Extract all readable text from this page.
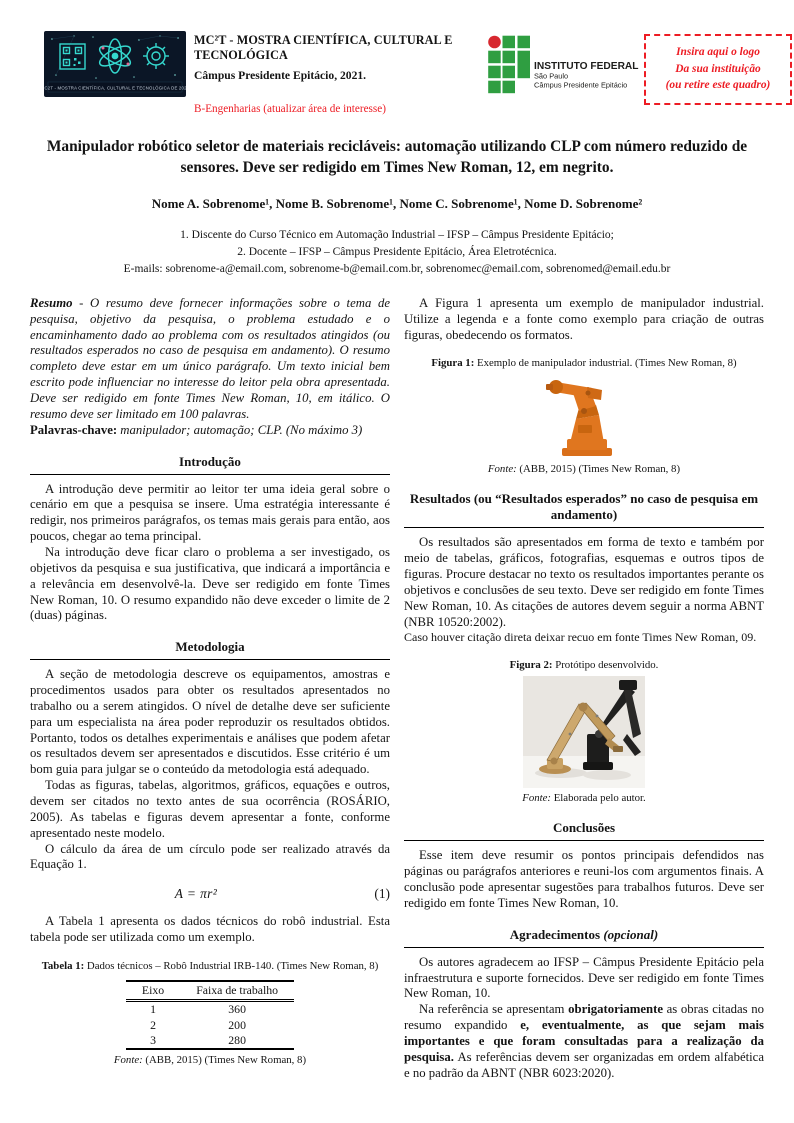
MC2T - MOSTRA CIENTÍFICA, CULTURAL E TECNOLÓGICA DE 2021
MC²T - MOSTRA CIENTÍFICA, CULTURAL E TECNOLÓGICA
Câmpus Presidente Epitácio, 2021.
B-Engenharias (atualizar área de interesse)
INSTITUTO FEDERAL
São Paulo
Câmpus Presidente Epitácio
Insira aqui o logo
Da sua instituição
(ou retire este quadro)
Manipulador robótico seletor de materiais recicláveis: automação utilizando CLP com número reduzido de sensores. Deve ser redigido em Times New Roman, 12, em negrito.
Nome A. Sobrenome¹, Nome B. Sobrenome¹, Nome C. Sobrenome¹, Nome D. Sobrenome²
1. Discente do Curso Técnico em Automação Industrial – IFSP – Câmpus Presidente Epitácio;
2. Docente – IFSP – Câmpus Presidente Epitácio, Área Eletrotécnica.
E-mails: sobrenome-a@email.com, sobrenome-b@email.com.br, sobrenomec@email.com, sobrenomed@email.edu.br

Resumo - O resumo deve fornecer informações sobre o tema de pesquisa, objetivo da pesquisa, o problema estudado e o encaminhamento dado ao problema com os resultados atingidos (ou resultados esperados no caso de pesquisa em andamento). O resumo completo deve estar em um único parágrafo. Um texto inicial bem escrito pode influenciar no interesse do leitor pela obra apresentada. Deve ser redigido em fonte Times New Roman, 10, em itálico. O resumo deve ser limitado em 100 palavras.

Palavras-chave: manipulador; automação; CLP. (No máximo 3)

Introdução

A introdução deve permitir ao leitor ter uma ideia geral sobre o cenário em que a pesquisa se insere. Uma estratégia interessante é redigir, nos primeiros parágrafos, os temas mais gerais para então, aos poucos, chegar ao tema principal.

Na introdução deve ficar claro o problema a ser investigado, os objetivos da pesquisa e sua justificativa, que indicará a importância e a relevância em desenvolvê-la. Deve ser redigido em fonte Times New Roman, 10. O resumo expandido não deve exceder o limite de 2 (duas) páginas.

Metodologia

A seção de metodologia descreve os equipamentos, amostras e procedimentos usados para obter os resultados apresentados no trabalho ou a serem atingidos. O nível de detalhe deve ser suficiente para um especialista na área poder reproduzir os resultados obtidos. Portanto, todos os detalhes experimentais e análises que podem afetar os resultados devem ser apresentados e discutidos. Esse critério é um bom guia para julgar se o conteúdo da metodologia está adequado.

Todas as figuras, tabelas, algoritmos, gráficos, equações e outros, devem ser citados no texto antes de sua ocorrência (ROSÁRIO, 2005). As tabelas e figuras devem apresentar a fonte, conforme apresentado neste modelo.

O cálculo da área de um círculo pode ser realizado através da Equação 1.

A = πr²	(1)

A Tabela 1 apresenta os dados técnicos do robô industrial. Esta tabela pode ser utilizada como um exemplo.

Tabela 1: Dados técnicos – Robô Industrial IRB-140. (Times New Roman, 8)
Eixo	Faixa de trabalho
1	360
2	200
3	280
Fonte: (ABB, 2015) (Times New Roman, 8)

A Figura 1 apresenta um exemplo de manipulador industrial. Utilize a legenda e a fonte como exemplo para criação de outras figuras, obedecendo os formatos.

Figura 1: Exemplo de manipulador industrial. (Times New Roman, 8)
Fonte: (ABB, 2015) (Times New Roman, 8)
Resultados (ou “Resultados esperados” no caso de pesquisa em andamento)

Os resultados são apresentados em forma de texto e também por meio de tabelas, gráficos, fotografias, esquemas e outros tipos de figuras. Procure destacar no texto os resultados importantes perante os objetivos e conclusões de seu texto. Deve ser redigido em fonte Times New Roman, 10. As citações de autores devem seguir a norma ABNT (NBR 10520:2002).

Caso houver citação direta deixar recuo em fonte Times New Roman, 09.

Figura 2: Protótipo desenvolvido.
Fonte: Elaborada pelo autor.
Conclusões

Esse item deve resumir os pontos principais defendidos nas páginas ou parágrafos anteriores e reuni-los com argumentos finais. A conclusão pode apresentar sugestões para trabalhos futuros. Deve ser redigido em fonte Times New Roman, 10.

Agradecimentos (opcional)

Os autores agradecem ao IFSP – Câmpus Presidente Epitácio pela infraestrutura e suporte fornecidos. Deve ser redigido em fonte Times New Roman, 10.

Na referência se apresentam obrigatoriamente as obras citadas no resumo expandido e, eventualmente, as que sejam mais importantes e que foram consultadas para a realização da pesquisa. As referências devem ser organizadas em ordem alfabética e no padrão da ABNT (NBR 6023:2020).
